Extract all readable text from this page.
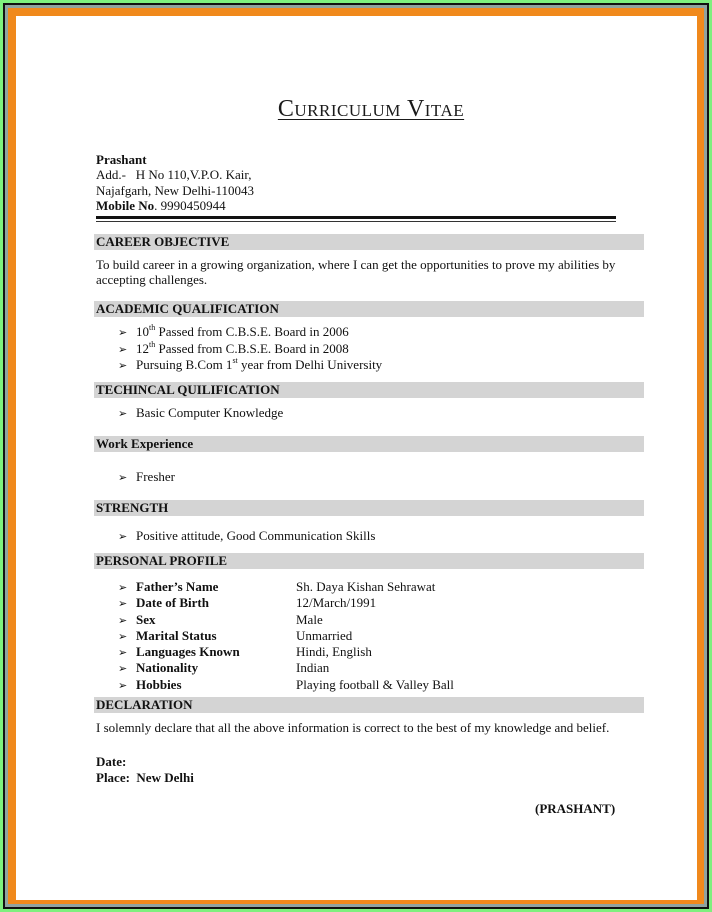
Curriculum Vitae
Prashant
Add.- H No 110,V.P.O. Kair,
Najafgarh, New Delhi-110043
Mobile No. 9990450944
CAREER OBJECTIVE
To build career in a growing organization, where I can get the opportunities to prove my abilities by accepting challenges.
ACADEMIC QUALIFICATION
➢ 10th Passed from C.B.S.E. Board in 2006
➢ 12th Passed from C.B.S.E. Board in 2008
➢ Pursuing B.Com 1st year from Delhi University
TECHINCAL QUILIFICATION
➢ Basic Computer Knowledge
Work Experience
➢ Fresher
STRENGTH
➢ Positive attitude, Good Communication Skills
PERSONAL PROFILE
➢ Father’s Name	Sh. Daya Kishan Sehrawat
➢ Date of Birth	12/March/1991
➢ Sex	Male
➢ Marital Status	Unmarried
➢ Languages Known	Hindi, English
➢ Nationality	Indian
➢ Hobbies	Playing football & Valley Ball
DECLARATION
I solemnly declare that all the above information is correct to the best of my knowledge and belief.
Date:
Place: New Delhi
(PRASHANT)
